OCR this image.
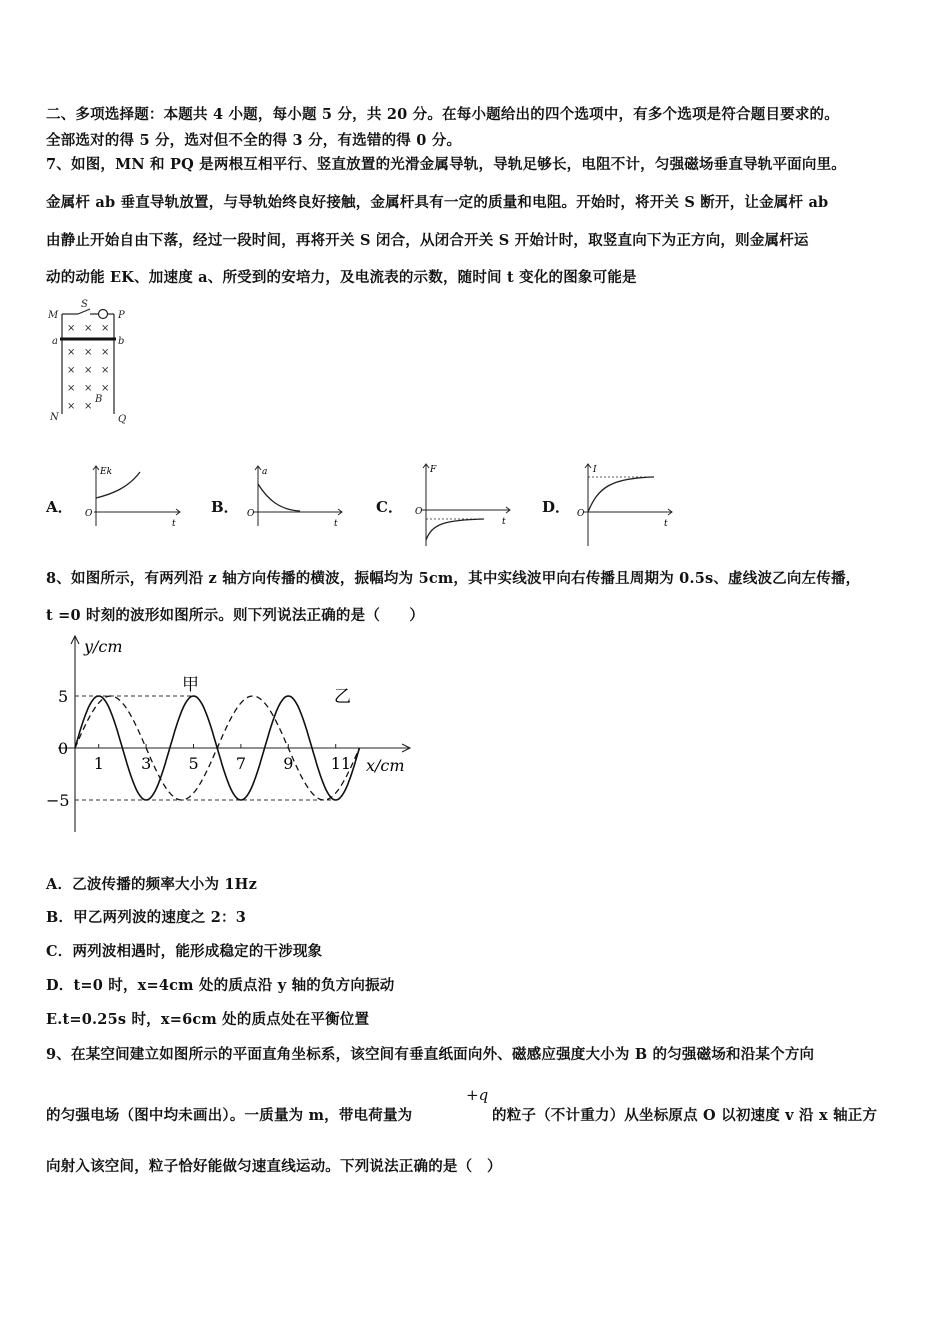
二、多项选择题：本题共 4 小题，每小题 5 分，共 20 分。在每小题给出的四个选项中，有多个选项是符合题目要求的。
全部选对的得 5 分，选对但不全的得 3 分，有选错的得 0 分。
7、如图，MN 和 PQ 是两根互相平行、竖直放置的光滑金属导轨，导轨足够长，电阻不计，匀强磁场垂直导轨平面向里。
金属杆 ab 垂直导轨放置，与导轨始终良好接触，金属杆具有一定的质量和电阻。开始时，将开关 S 断开，让金属杆 ab
由静止开始自由下落，经过一段时间，再将开关 S 闭合，从闭合开关 S 开始计时，取竖直向下为正方向，则金属杆运
动的动能 EK、加速度 a、所受到的安培力，及电流表的示数，随时间 t 变化的图象可能是
M	P
a	b
S
N	Q
B
× × ×
× × ×
× × ×
× × ×
× ×
A．
Ek
O
t
B．
a
O
t
C．
F
O
t
D．
I
O
t
8、如图所示，有两列沿 z 轴方向传播的横波，振幅均为 5cm，其中实线波甲向右传播且周期为 0.5s、虚线波乙向左传播，
t =0 时刻的波形如图所示。则下列说法正确的是（　　）
y/cm
x/cm
1 3 5 7 9 11
5
0
−5
甲
乙
A．乙波传播的频率大小为 1Hz
B．甲乙两列波的速度之 2：3
C．两列波相遇时，能形成稳定的干涉现象
D．t=0 时，x=4cm 处的质点沿 y 轴的负方向振动
E.t=0.25s 时，x=6cm 处的质点处在平衡位置
9、在某空间建立如图所示的平面直角坐标系，该空间有垂直纸面向外、磁感应强度大小为 B 的匀强磁场和沿某个方向
的匀强电场（图中均未画出）。一质量为 m，带电荷量为
+q
的粒子（不计重力）从坐标原点 O 以初速度 v 沿 x 轴正方
向射入该空间，粒子恰好能做匀速直线运动。下列说法正确的是（　）
